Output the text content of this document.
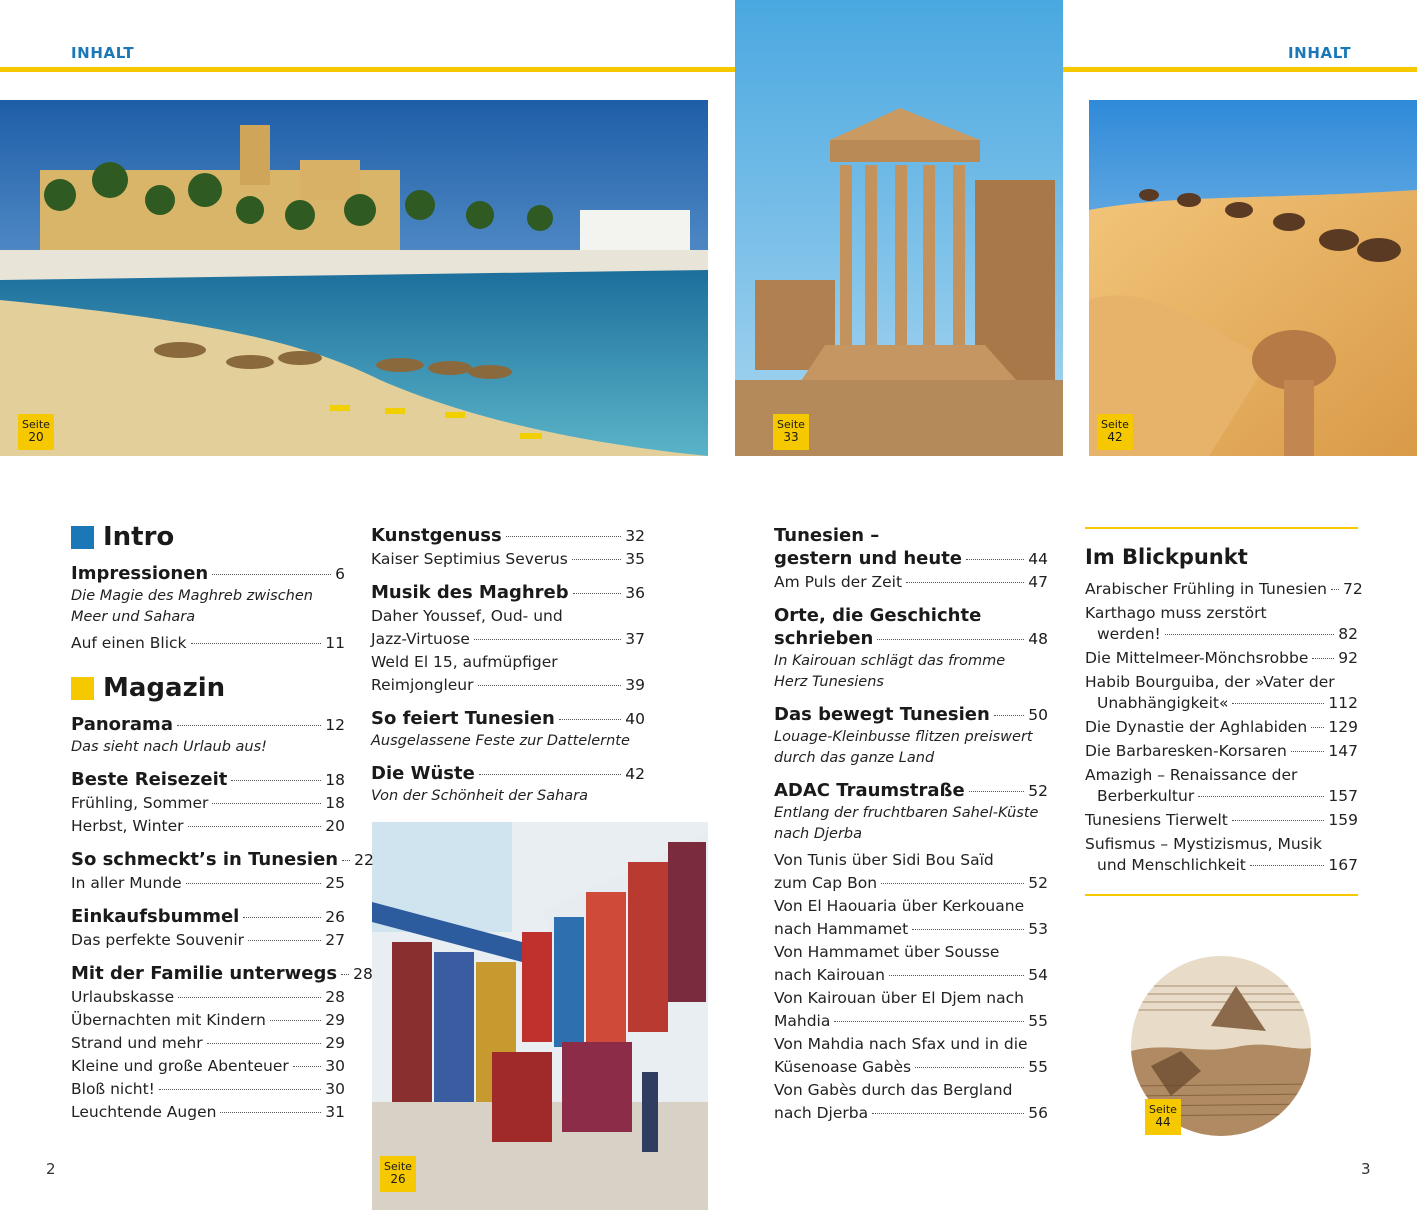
INHALT	INHALT
Seite
20
Seite
33
Seite
42
Seite
26
Seite
44
Intro
Impressionen	6
Die Magie des Maghreb zwischen
Meer und Sahara
Auf einen Blick	11
Magazin
Panorama	12
Das sieht nach Urlaub aus!
Beste Reisezeit	18
Frühling, Sommer	18
Herbst, Winter	20
So schmeckt’s in Tunesien 22
In aller Munde	25
Einkaufsbummel	26
Das perfekte Souvenir	27
Mit der Familie unterwegs 28
Urlaubskasse	28
Übernachten mit Kindern	29
Strand und mehr	29
Kleine und große Abenteuer 30
Bloß nicht!	30
Leuchtende Augen	31
Kunstgenuss	32
Kaiser Septimius Severus	35
Musik des Maghreb	36
Daher Youssef, Oud- und
Jazz-Virtuose	37
Weld El 15, aufmüpfiger
Reimjongleur	39
So feiert Tunesien	40
Ausgelassene Feste zur Dattelernte
Die Wüste	42
Von der Schönheit der Sahara
Tunesien –
gestern und heute	44
Am Puls der Zeit	47
Orte, die Geschichte
schrieben	48
In Kairouan schlägt das fromme
Herz Tunesiens
Das bewegt Tunesien 50
Louage-Kleinbusse flitzen preiswert
durch das ganze Land
ADAC Traumstraße	52
Entlang der fruchtbaren Sahel-Küste
nach Djerba
Von Tunis über Sidi Bou Saïd
zum Cap Bon	52
Von El Haouaria über Kerkouane
nach Hammamet	53
Von Hammamet über Sousse
nach Kairouan	54
Von Kairouan über El Djem nach
Mahdia	55
Von Mahdia nach Sfax und in die
Küsenoase Gabès	55
Von Gabès durch das Bergland
nach Djerba	56
Im Blickpunkt
Arabischer Frühling in Tunesien 72
Karthago muss zerstört
werden!	82
Die Mittelmeer-Mönchsrobbe 92
Habib Bourguiba, der »Vater der
Unabhängigkeit«	112
Die Dynastie der Aghlabiden 129
Die Barbaresken-Korsaren	147
Amazigh – Renaissance der
Berberkultur	157
Tunesiens Tierwelt	159
Sufismus – Mystizismus, Musik
und Menschlichkeit	167
2	3
